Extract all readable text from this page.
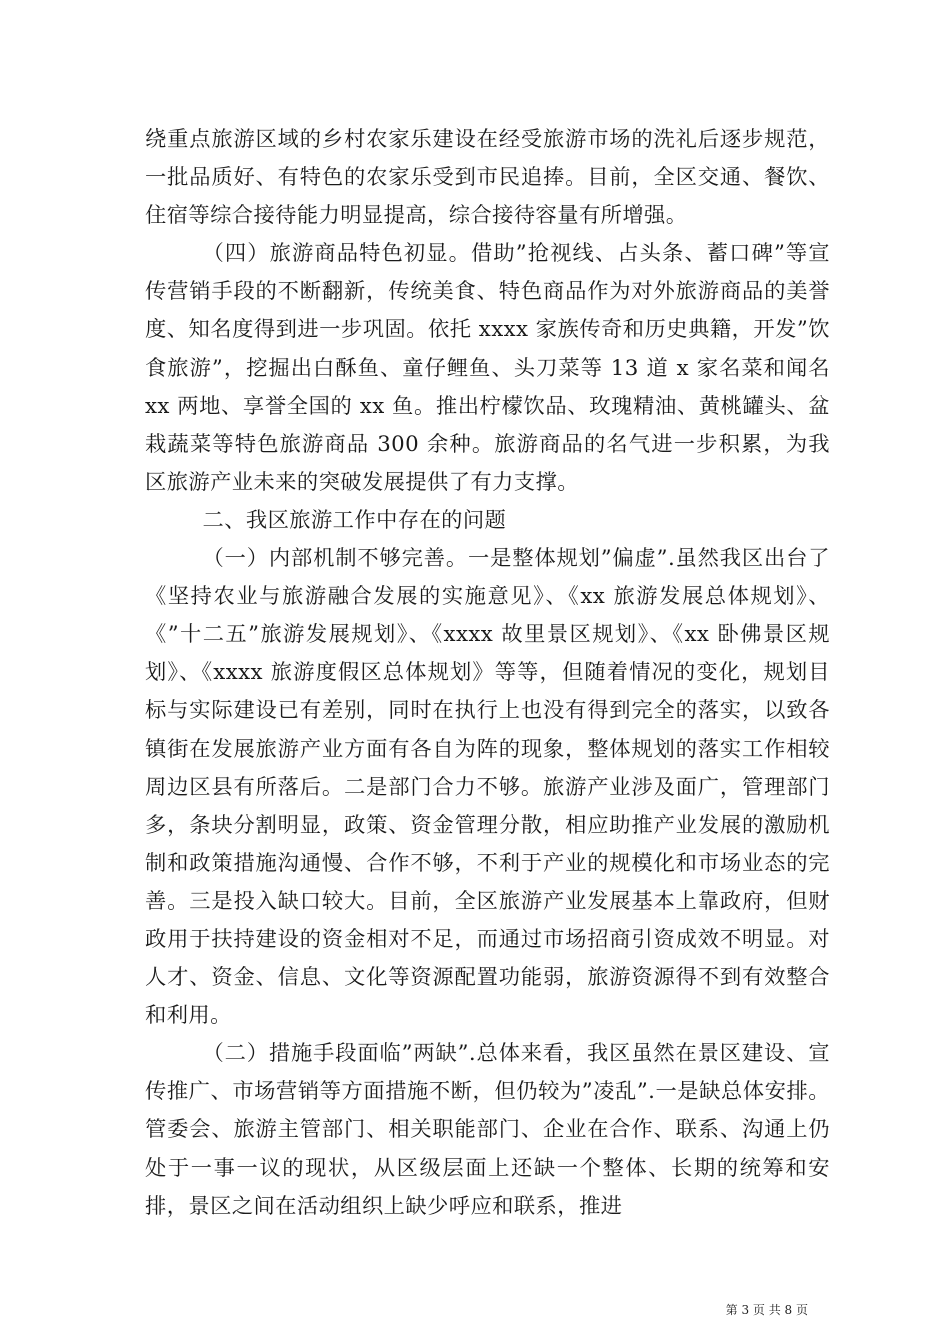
绕重点旅游区域的乡村农家乐建设在经受旅游市场的洗礼后逐步规范，一批品质好、有特色的农家乐受到市民追捧。目前，全区交通、餐饮、住宿等综合接待能力明显提高，综合接待容量有所增强。

（四）旅游商品特色初显。借助”抢视线、占头条、蓄口碑”等宣传营销手段的不断翻新，传统美食、特色商品作为对外旅游商品的美誉度、知名度得到进一步巩固。依托 xxxx 家族传奇和历史典籍，开发”饮食旅游”，挖掘出白酥鱼、童仔鲤鱼、头刀菜等 13 道 x 家名菜和闻名 xx 两地、享誉全国的 xx 鱼。推出柠檬饮品、玫瑰精油、黄桃罐头、盆栽蔬菜等特色旅游商品 300 余种。旅游商品的名气进一步积累，为我区旅游产业未来的突破发展提供了有力支撑。

二、我区旅游工作中存在的问题

（一）内部机制不够完善。一是整体规划”偏虚”.虽然我区出台了《坚持农业与旅游融合发展的实施意见》、《xx 旅游发展总体规划》、《”十二五”旅游发展规划》、《xxxx 故里景区规划》、《xx 卧佛景区规划》、《xxxx 旅游度假区总体规划》等等，但随着情况的变化，规划目标与实际建设已有差别，同时在执行上也没有得到完全的落实，以致各镇街在发展旅游产业方面有各自为阵的现象，整体规划的落实工作相较周边区县有所落后。二是部门合力不够。旅游产业涉及面广，管理部门多，条块分割明显，政策、资金管理分散，相应助推产业发展的激励机制和政策措施沟通慢、合作不够，不利于产业的规模化和市场业态的完善。三是投入缺口较大。目前，全区旅游产业发展基本上靠政府，但财政用于扶持建设的资金相对不足，而通过市场招商引资成效不明显。对人才、资金、信息、文化等资源配置功能弱，旅游资源得不到有效整合和利用。

（二）措施手段面临”两缺”.总体来看，我区虽然在景区建设、宣传推广、市场营销等方面措施不断，但仍较为”凌乱”.一是缺总体安排。管委会、旅游主管部门、相关职能部门、企业在合作、联系、沟通上仍处于一事一议的现状，从区级层面上还缺一个整体、长期的统筹和安排，景区之间在活动组织上缺少呼应和联系，推进

第 3 页 共 8 页
